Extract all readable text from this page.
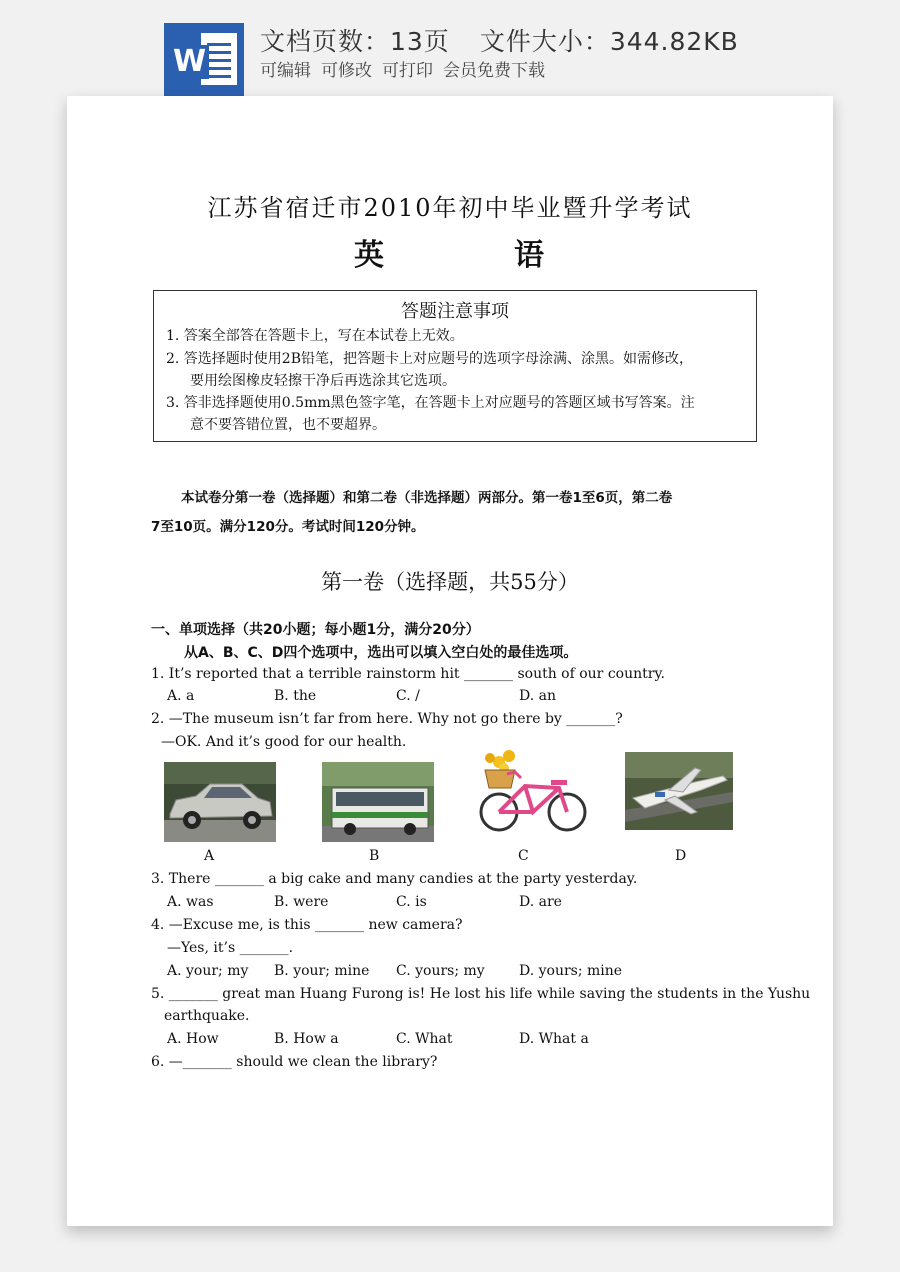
W
文档页数：13页 文件大小：344.82KB
可编辑 可修改 可打印 会员免费下载
江苏省宿迁市2010年初中毕业暨升学考试
英	语
答题注意事项
1. 答案全部答在答题卡上，写在本试卷上无效。
2. 答选择题时使用2B铅笔，把答题卡上对应题号的选项字母涂满、涂黑。如需修改，
要用绘图橡皮轻擦干净后再选涂其它选项。
3. 答非选择题使用0.5mm黑色签字笔，在答题卡上对应题号的答题区域书写答案。注
意不要答错位置，也不要超界。
本试卷分第一卷（选择题）和第二卷（非选择题）两部分。第一卷1至6页，第二卷
7至10页。满分120分。考试时间120分钟。
第一卷（选择题，共55分）
一、单项选择（共20小题；每小题1分，满分20分）
从A、B、C、D四个选项中，选出可以填入空白处的最佳选项。
1. It’s reported that a terrible rainstorm hit _______ south of our country.
A. a	B. the	C. /	D. an
2. —The museum isn’t far from here. Why not go there by _______?
—OK. And it’s good for our health.
A	B	C	D
3. There _______ a big cake and many candies at the party yesterday.
A. was	B. were	C. is	D. are
4. —Excuse me, is this _______ new camera?
—Yes, it’s _______.
A. your; my B. your; mine C. yours; my D. yours; mine
5. _______ great man Huang Furong is! He lost his life while saving the students in the Yushu
earthquake.
A. How	B. How a	C. What	D. What a
6. —_______ should we clean the library?
